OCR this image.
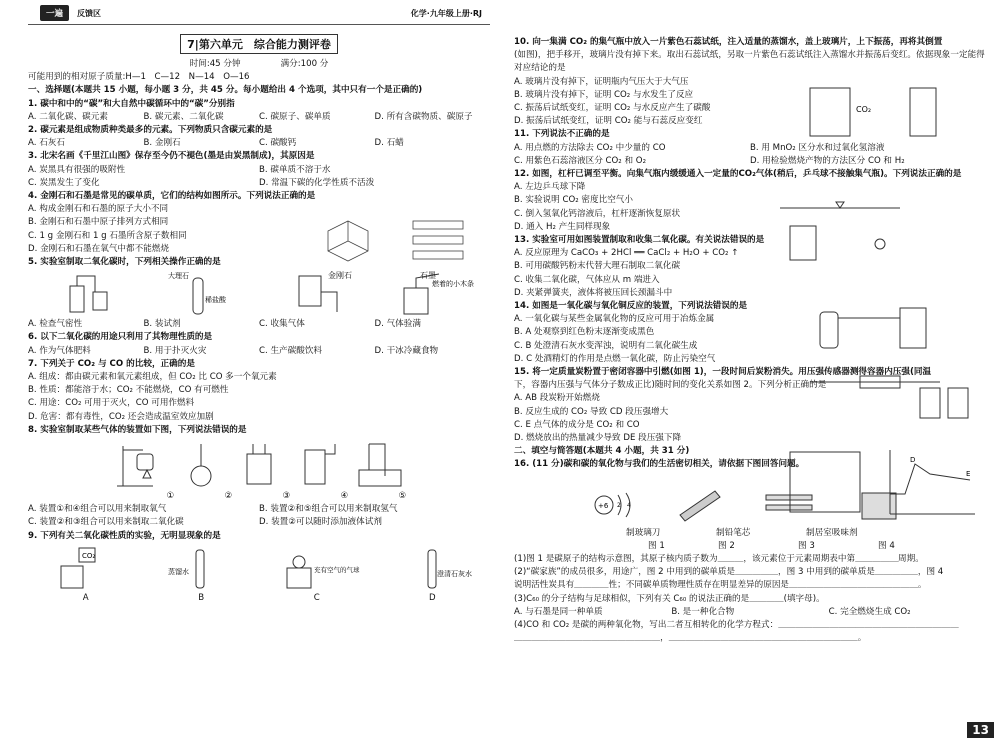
一遍	反馈区	化学·九年级上册·RJ
7|第六单元　综合能力测评卷
时间:45 分钟	满分:100 分

可能用到的相对原子质量:H—1　C—12　N—14　O—16

一、选择题(本题共 15 小题，每小题 3 分，共 45 分。每小题给出 4 个选项，其中只有一个是正确的)

1. 碳中和中的“碳”和大自然中碳循环中的“碳”分别指

A. 二氧化碳、碳元素	B. 碳元素、二氧化碳	C. 碳原子、碳单质	D. 所有含碳物质、碳原子

2. 碳元素是组成物质种类最多的元素。下列物质只含碳元素的是

A. 石灰石	B. 金刚石	C. 碳酸钙	D. 石蜡

3. 北宋名画《千里江山图》保存至今仍不褪色(墨是由炭黑制成)，其原因是

A. 炭黑具有很强的吸附性	B. 碳单质不溶于水
C. 炭黑发生了变化	D. 常温下碳的化学性质不活泼

4. 金刚石和石墨是常见的碳单质，它们的结构如图所示。下列说法正确的是

A. 构成金刚石和石墨的原子大小不同

B. 金刚石和石墨中原子排列方式相同

C. 1 g 金刚石和 1 g 石墨所含原子数相同

D. 金刚石和石墨在氧气中都不能燃烧

5. 实验室制取二氧化碳时，下列相关操作正确的是

金刚石	石墨
大理石
稀盐酸
燃着的小木条
A. 检查气密性	B. 装试剂	C. 收集气体	D. 气体验满

6. 以下二氧化碳的用途只利用了其物理性质的是

A. 作为气体肥料	B. 用于扑灭火灾	C. 生产碳酸饮料	D. 干冰冷藏食物

7. 下列关于 CO₂ 与 CO 的比较，正确的是

A. 组成：都由碳元素和氧元素组成，但 CO₂ 比 CO 多一个氧元素

B. 性质：都能溶于水；CO₂ 不能燃烧，CO 有可燃性

C. 用途：CO₂ 可用于灭火，CO 可用作燃料

D. 危害：都有毒性，CO₂ 还会造成温室效应加剧

8. 实验室制取某些气体的装置如下图，下列说法错误的是

①	②	③	④	⑤
A. 装置①和④组合可以用来制取氧气	B. 装置②和⑤组合可以用来制取氢气
C. 装置②和③组合可以用来制取二氧化碳	D. 装置②可以随时添加液体试剂

9. 下列有关二氧化碳性质的实验，无明显现象的是

CO₂
蒸馏水	充有空气的气球	澄清石灰水
A	B	C	D

10. 向一集满 CO₂ 的集气瓶中放入一片紫色石蕊试纸，注入适量的蒸馏水，盖上玻璃片，上下振荡，再将其倒置

(如图)，把手移开，玻璃片没有掉下来。取出石蕊试纸，另取一片紫色石蕊试纸注入蒸馏水并振荡后变红。依据现象一定能得

对应结论的是

A. 玻璃片没有掉下，证明瓶内气压大于大气压

B. 玻璃片没有掉下，证明 CO₂ 与水发生了反应

C. 振荡后试纸变红，证明 CO₂ 与水反应产生了碳酸

D. 振荡后试纸变红，证明 CO₂ 能与石蕊反应变红

11. 下列说法不正确的是

A. 用点燃的方法除去 CO₂ 中少量的 CO	B. 用 MnO₂ 区分水和过氧化氢溶液
C. 用紫色石蕊溶液区分 CO₂ 和 O₂	D. 用检验燃烧产物的方法区分 CO 和 H₂

12. 如图，杠杆已调至平衡。向集气瓶内缓缓通入一定量的CO₂气体(稍后，乒乓球不接触集气瓶)。下列说法正确的是

A. 左边乒乓球下降

B. 实验说明 CO₂ 密度比空气小

C. 倒入氢氧化钙溶液后，杠杆逐渐恢复原状

D. 通入 H₂ 产生同样现象

13. 实验室可用如图装置制取和收集二氧化碳。有关说法错误的是

A. 反应原理为 CaCO₃ + 2HCl ══ CaCl₂ + H₂O + CO₂ ↑

B. 可用碳酸钙粉末代替大理石制取二氧化碳

C. 收集二氧化碳，气体应从 m 端进入

D. 夹紧弹簧夹，液体将被压回长颈漏斗中

14. 如图是一氧化碳与氧化铜反应的装置，下列说法错误的是

A. 一氧化碳与某些金属氧化物的反应可用于冶炼金属

B. A 处观察到红色粉末逐渐变成黑色

C. B 处澄清石灰水变浑浊，说明有二氧化碳生成

D. C 处酒精灯的作用是点燃一氧化碳，防止污染空气

15. 将一定质量炭粉置于密闭容器中引燃(如图 1)，一段时间后炭粉消失。用压强传感器测得容器内压强(同温

下，容器内压强与气体分子数成正比)随时间的变化关系如图 2。下列分析正确的是

A. AB 段炭粉开始燃烧

B. 反应生成的 CO₂ 导致 CD 段压强增大

C. E 点气体的成分是 CO₂ 和 CO

D. 燃烧放出的热量减少导致 DE 段压强下降

二、填空与简答题(本题共 4 小题，共 31 分)

16. (11 分)碳和碳的氧化物与我们的生活密切相关，请依据下图回答问题。

+6 2 4
制玻璃刀	制铅笔芯	制居室吸味剂
图 1	图 2	图 3	图 4

(1)图 1 是碳原子的结构示意图，其原子核内质子数为＿＿＿，该元素位于元素周期表中第＿＿＿＿＿周期。

(2)“碳家族”的成员很多，用途广，图 2 中用到的碳单质是＿＿＿＿＿，图 3 中用到的碳单质是＿＿＿＿＿，图 4

说明活性炭具有＿＿＿＿性；不同碳单质物理性质存在明显差异的原因是＿＿＿＿＿＿＿＿＿＿＿＿＿＿＿。

(3)C₆₀ 的分子结构与足球相似，下列有关 C₆₀ 的说法正确的是＿＿＿＿(填字母)。

A. 与石墨是同一种单质	B. 是一种化合物	C. 完全燃烧生成 CO₂

(4)CO 和 CO₂ 是碳的两种氧化物，写出二者互相转化的化学方程式：＿＿＿＿＿＿＿＿＿＿＿＿＿＿＿＿＿＿＿＿＿

＿＿＿＿＿＿＿＿＿＿＿＿＿＿＿＿＿，＿＿＿＿＿＿＿＿＿＿＿＿＿＿＿＿＿＿＿＿＿＿。

CO₂
D
E
13
